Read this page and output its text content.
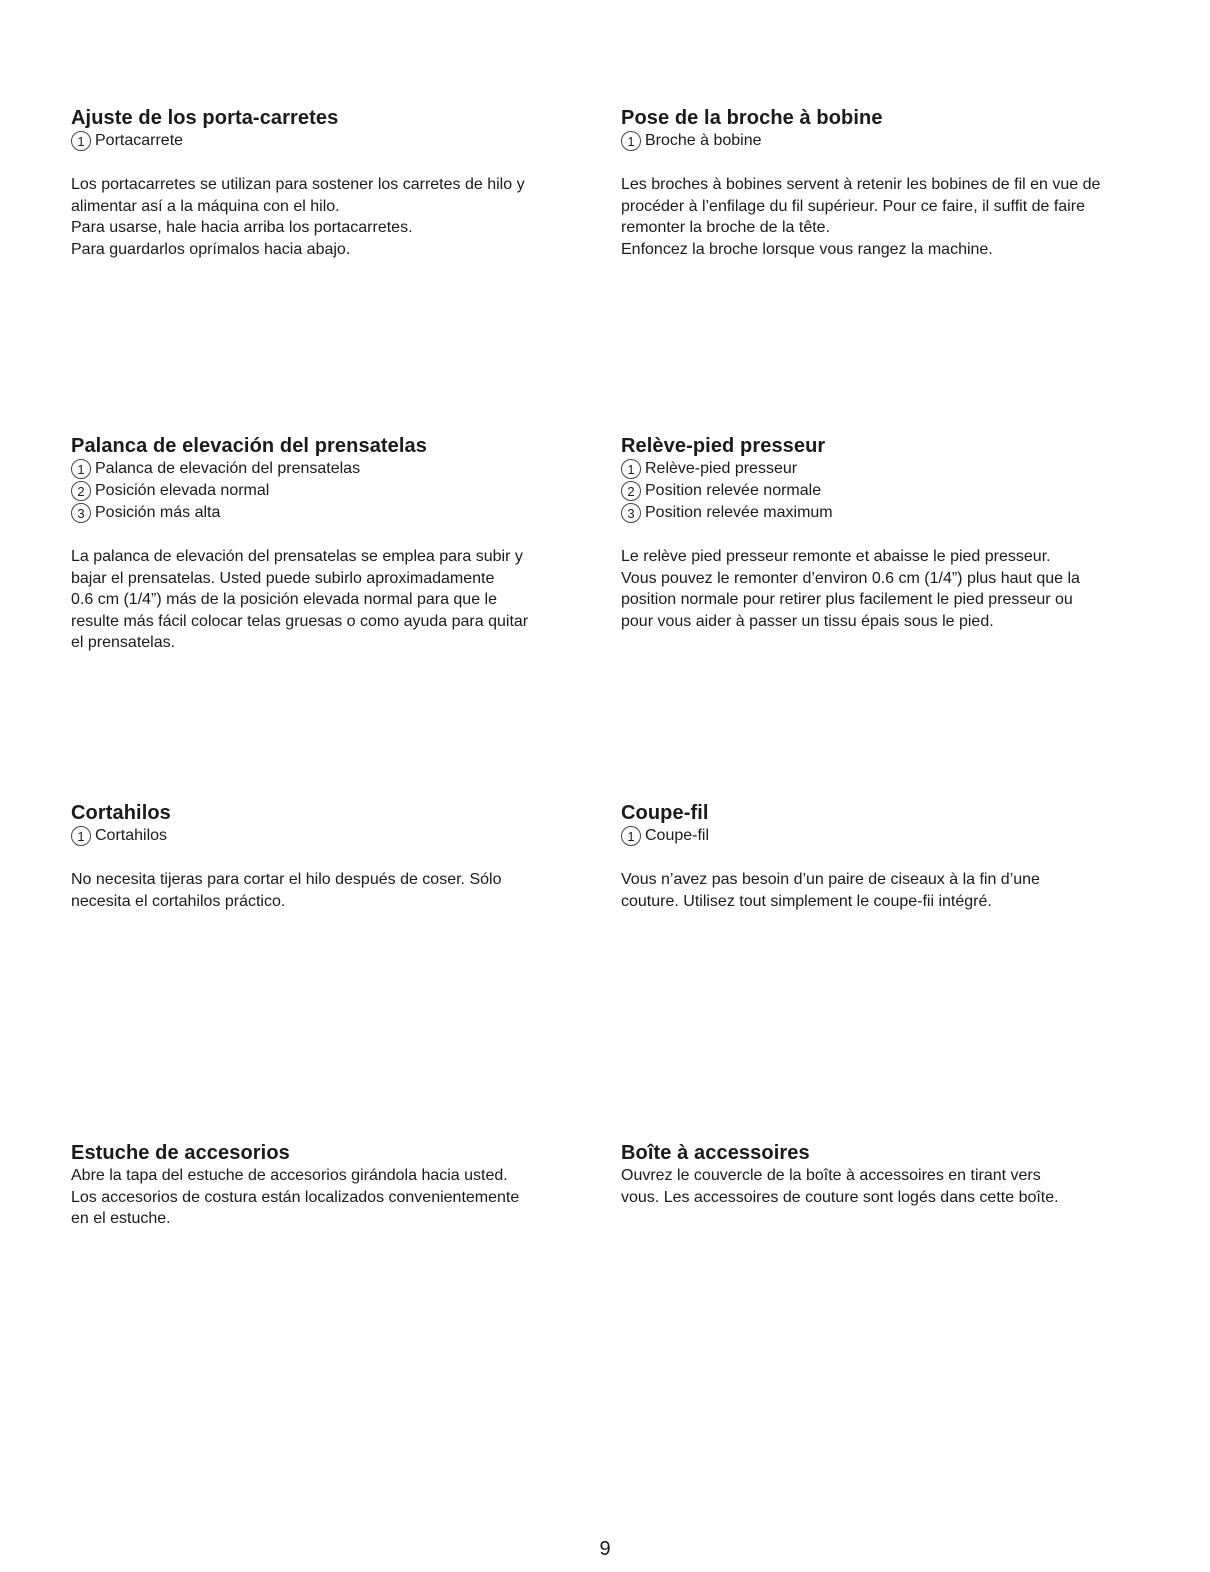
Ajuste de los porta-carretes
1 Portacarrete

Los portacarretes se utilizan para sostener los carretes de hilo y
alimentar así a la máquina con el hilo.
Para usarse, hale hacia arriba los portacarretes.
Para guardarlos oprímalos hacia abajo.

Pose de la broche à bobine
1 Broche à bobine

Les broches à bobines servent à retenir les bobines de fil en vue de
procéder à l’enfilage du fil supérieur. Pour ce faire, il suffit de faire
remonter la broche de la tête.
Enfoncez la broche lorsque vous rangez la machine.

Palanca de elevación del prensatelas
1 Palanca de elevación del prensatelas
2 Posición elevada normal
3 Posición más alta

La palanca de elevación del prensatelas se emplea para subir y
bajar el prensatelas. Usted puede subirlo aproximadamente
0.6 cm (1/4”) más de la posición elevada normal para que le
resulte más fácil colocar telas gruesas o como ayuda para quitar
el prensatelas.

Relève-pied presseur
1 Relève-pied presseur
2 Position relevée normale
3 Position relevée maximum

Le relève pied presseur remonte et abaisse le pied presseur.
Vous pouvez le remonter d’environ 0.6 cm (1/4”) plus haut que la
position normale pour retirer plus facilement le pied presseur ou
pour vous aider à passer un tissu épais sous le pied.

Cortahilos
1 Cortahilos

No necesita tijeras para cortar el hilo después de coser. Sólo
necesita el cortahilos práctico.

Coupe-fil
1 Coupe-fil

Vous n’avez pas besoin d’un paire de ciseaux à la fin d’une
couture. Utilisez tout simplement le coupe-fii intégré.

Estuche de accesorios

Abre la tapa del estuche de accesorios girándola hacia usted.
Los accesorios de costura están localizados convenientemente
en el estuche.

Boîte à accessoires

Ouvrez le couvercle de la boîte à accessoires en tirant vers
vous. Les accessoires de couture sont logés dans cette boîte.

9
